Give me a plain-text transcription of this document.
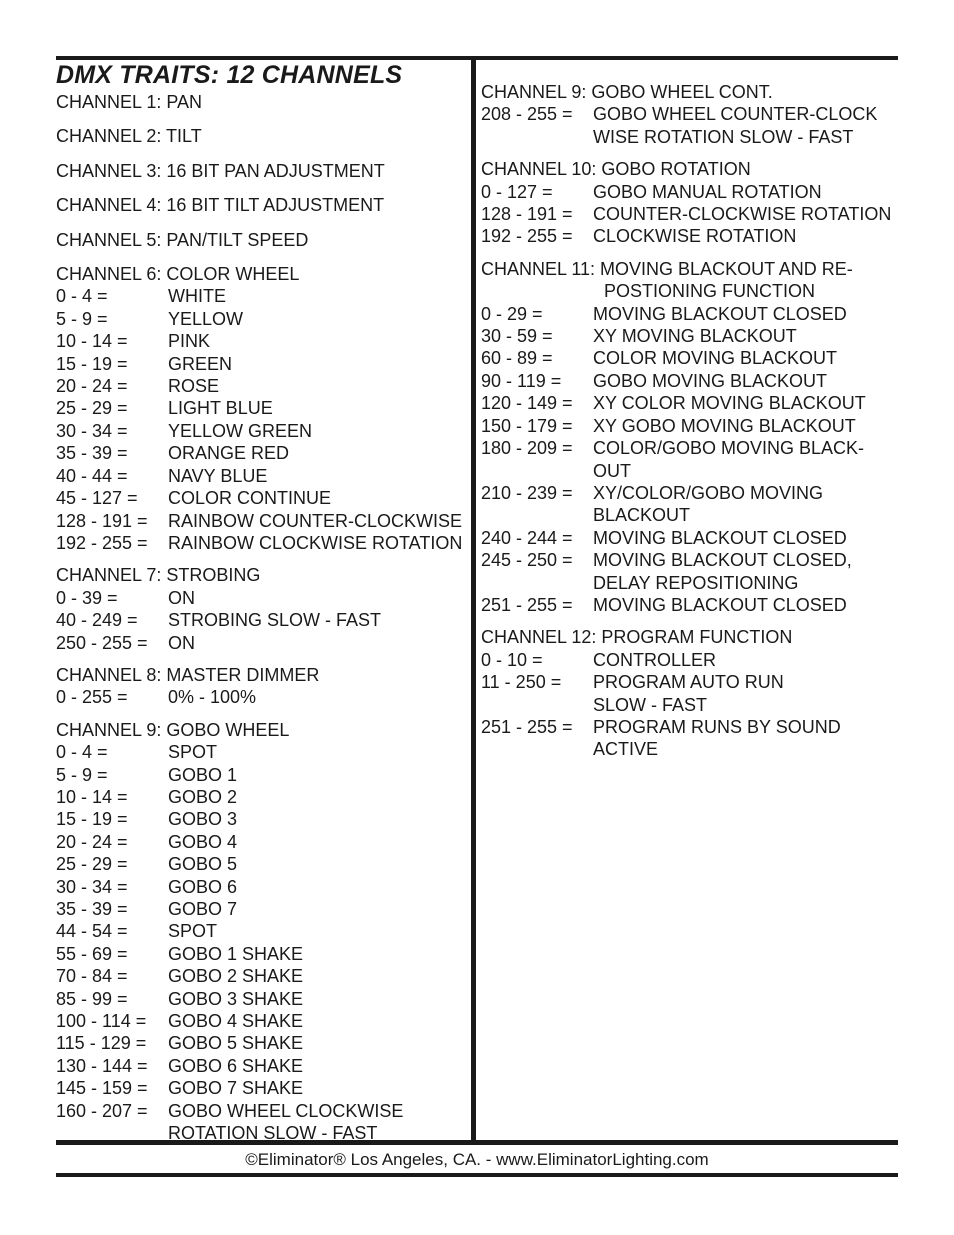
DMX TRAITS: 12 CHANNELS
CHANNEL 1: PAN
CHANNEL 2: TILT
CHANNEL 3: 16 BIT PAN ADJUSTMENT
CHANNEL 4: 16 BIT TILT ADJUSTMENT
CHANNEL 5: PAN/TILT SPEED
CHANNEL 6: COLOR WHEEL
0 - 4 =	WHITE
5 - 9 =	YELLOW
10 - 14 =	PINK
15 - 19 =	GREEN
20 - 24 =	ROSE
25 - 29 =	LIGHT BLUE
30 - 34 =	YELLOW GREEN
35 - 39 =	ORANGE RED
40 - 44 =	NAVY BLUE
45 - 127 =	COLOR CONTINUE
128 - 191 =	RAINBOW COUNTER-CLOCKWISE
192 - 255 =	RAINBOW CLOCKWISE ROTATION
CHANNEL 7: STROBING
0 - 39 =	ON
40 - 249 =	STROBING SLOW - FAST
250 - 255 =	ON
CHANNEL 8: MASTER DIMMER
0 - 255 =	0% - 100%
CHANNEL 9: GOBO WHEEL
0 - 4 =	SPOT
5 - 9 =	GOBO 1
10 - 14 =	GOBO 2
15 - 19 =	GOBO 3
20 - 24 =	GOBO 4
25 - 29 =	GOBO 5
30 - 34 =	GOBO 6
35 - 39 =	GOBO 7
44 - 54 =	SPOT
55 - 69 =	GOBO 1 SHAKE
70 - 84 =	GOBO 2 SHAKE
85 - 99 =	GOBO 3 SHAKE
100 - 114 =	GOBO 4 SHAKE
115 - 129 =	GOBO 5 SHAKE
130 - 144 =	GOBO 6 SHAKE
145 - 159 =	GOBO 7 SHAKE
160 - 207 =	GOBO WHEEL CLOCKWISE
ROTATION SLOW - FAST
CHANNEL 9: GOBO WHEEL CONT.
208 - 255 =	GOBO WHEEL COUNTER-CLOCK
WISE ROTATION SLOW - FAST
CHANNEL 10: GOBO ROTATION
0 - 127 =	GOBO MANUAL ROTATION
128 - 191 =	COUNTER-CLOCKWISE ROTATION
192 - 255 =	CLOCKWISE ROTATION
CHANNEL 11: MOVING BLACKOUT AND RE-
POSTIONING FUNCTION
0 - 29 =	MOVING BLACKOUT CLOSED
30 - 59 =	XY MOVING BLACKOUT
60 - 89 =	COLOR MOVING BLACKOUT
90 - 119 =	GOBO MOVING BLACKOUT
120 - 149 =	XY COLOR MOVING BLACKOUT
150 - 179 =	XY GOBO MOVING BLACKOUT
180 - 209 =	COLOR/GOBO MOVING BLACK-
OUT
210 - 239 =	XY/COLOR/GOBO MOVING
BLACKOUT
240 - 244 =	MOVING BLACKOUT CLOSED
245 - 250 =	MOVING BLACKOUT CLOSED,
DELAY REPOSITIONING
251 - 255 =	MOVING BLACKOUT CLOSED
CHANNEL 12: PROGRAM FUNCTION
0 - 10 =	CONTROLLER
11 - 250 =	PROGRAM AUTO RUN
SLOW - FAST
251 - 255 =	PROGRAM RUNS BY SOUND
ACTIVE
©Eliminator® Los Angeles, CA. - www.EliminatorLighting.com
